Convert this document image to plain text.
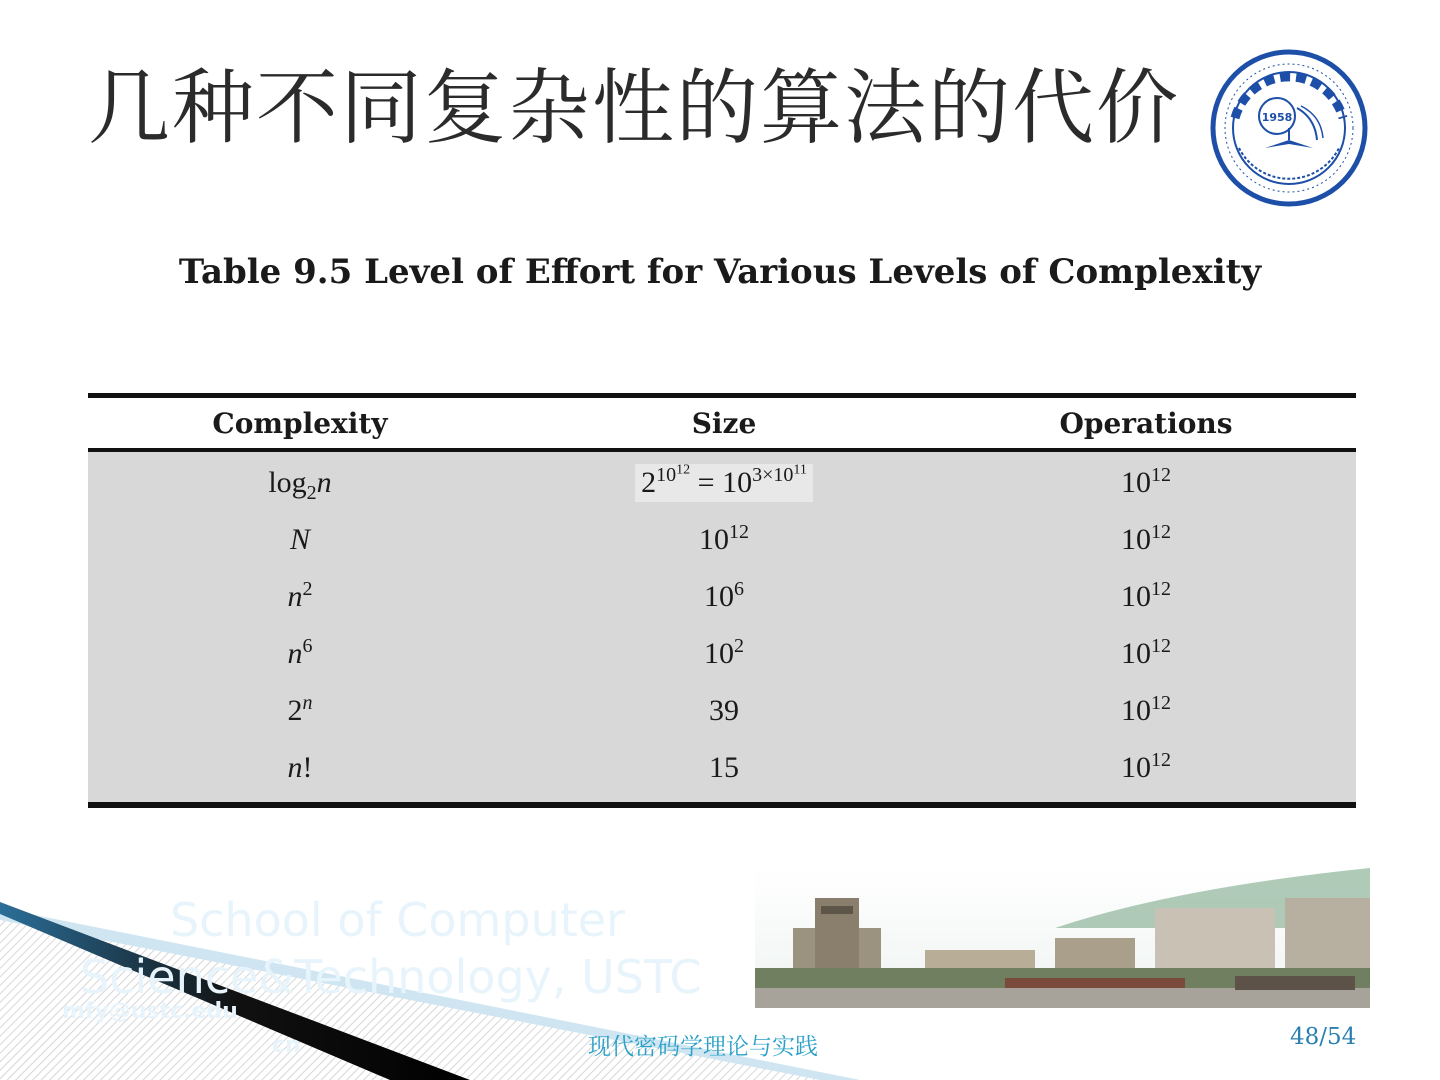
几种不同复杂性的算法的代价	1958
Table 9.5 Level of Effort for Various Levels of Complexity
Complexity	Size	Operations
$\log_2n$	$2^{10^{12}} = 10^{3\times 10^{11}}$	$10^{12}$
N	$10^{12}$	$10^{12}$
$n^2$	$10^6$	$10^{12}$
$n^6$	$10^2$	$10^{12}$
2$^n$	39	$10^{12}$
n!	15	$10^{12}$
School of Computer
Science&Technology, USTC
mfy@ustc.edu
cn	现代密码学理论与实践	48/54
